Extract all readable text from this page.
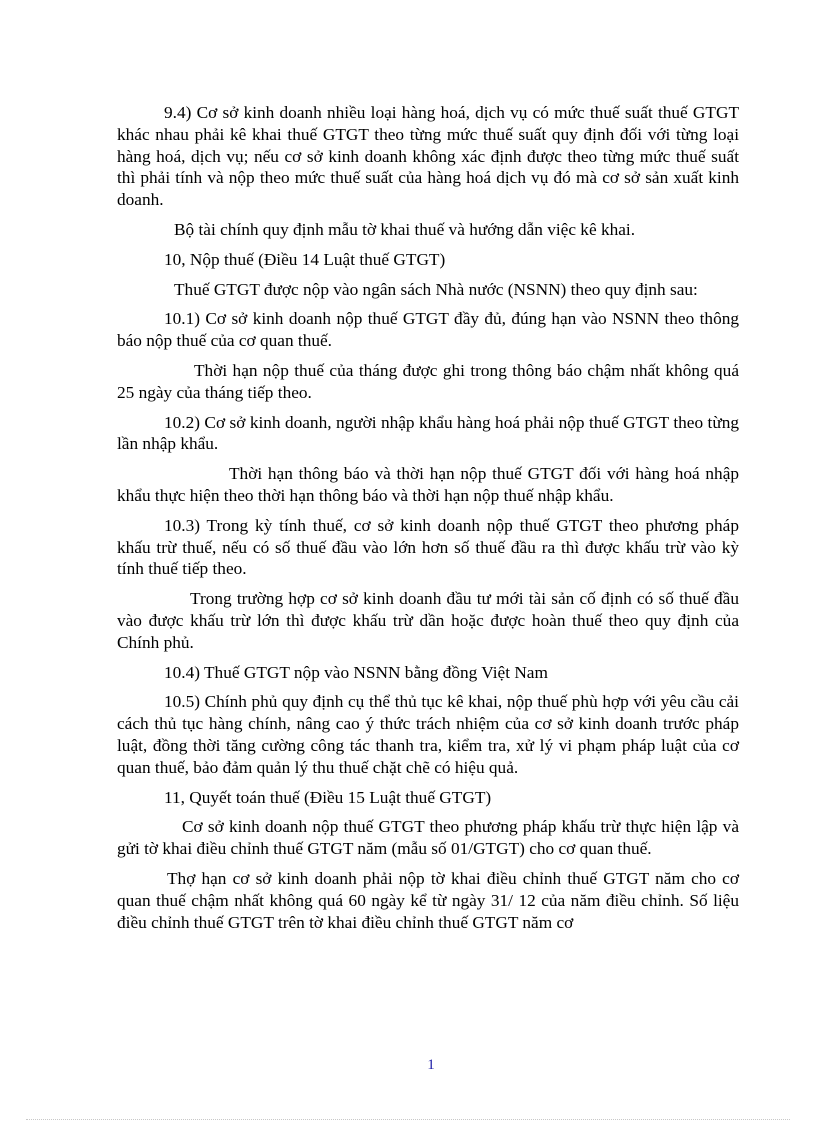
9.4) Cơ sở kinh doanh nhiều loại hàng hoá, dịch vụ có mức thuế suất thuế GTGT khác nhau phải kê khai thuế GTGT theo từng mức thuế suất quy định đối với từng loại hàng hoá, dịch vụ; nếu cơ sở kinh doanh không xác định được theo từng mức thuế suất thì phải tính và nộp theo mức thuế suất của hàng hoá dịch vụ đó mà cơ sở sản xuất kinh doanh.

Bộ tài chính quy định mẫu tờ khai thuế và hướng dẫn việc kê khai.

10, Nộp thuế (Điều 14 Luật thuế GTGT)

Thuế GTGT được nộp vào ngân sách Nhà nước (NSNN) theo quy định sau:

10.1) Cơ sở kinh doanh nộp thuế GTGT đầy đủ, đúng hạn vào NSNN theo thông báo nộp thuế của cơ quan thuế.

Thời hạn nộp thuế của tháng được ghi trong thông báo chậm nhất không quá 25 ngày của tháng tiếp theo.

10.2) Cơ sở kinh doanh, người nhập khẩu hàng hoá phải nộp thuế GTGT theo từng lần nhập khẩu.

Thời hạn thông báo và thời hạn nộp thuế GTGT đối với hàng hoá nhập khẩu thực hiện theo thời hạn thông báo và thời hạn nộp thuế nhập khẩu.

10.3) Trong kỳ tính thuế, cơ sở kinh doanh nộp thuế GTGT theo phương pháp khấu trừ thuế, nếu có số thuế đầu vào lớn hơn số thuế đầu ra thì được khấu trừ vào kỳ tính thuế tiếp theo.

Trong trường hợp cơ sở kinh doanh đầu tư mới tài sản cố định có số thuế đầu vào được khấu trừ lớn thì được khấu trừ dần hoặc được hoàn thuế theo quy định của Chính phủ.

10.4) Thuế GTGT nộp vào NSNN bằng đồng Việt Nam

10.5) Chính phủ quy định cụ thể thủ tục kê khai, nộp thuế phù hợp với yêu cầu cải cách thủ tục hàng chính, nâng cao ý thức trách nhiệm của cơ sở kinh doanh trước pháp luật, đồng thời tăng cường công tác thanh tra, kiểm tra, xử lý vi phạm pháp luật của cơ quan thuế, bảo đảm quản lý thu thuế chặt chẽ có hiệu quả.

11, Quyết toán thuế (Điều 15 Luật thuế GTGT)

Cơ sở kinh doanh nộp thuế GTGT theo phương pháp khấu trừ thực hiện lập và gửi tờ khai điều chỉnh thuế GTGT năm (mẫu số 01/GTGT) cho cơ quan thuế.

Thợ hạn cơ sở kinh doanh phải nộp tờ khai điều chỉnh thuế GTGT năm cho cơ quan thuế chậm nhất không quá 60 ngày kể từ ngày 31/ 12 của năm điều chỉnh. Số liệu điều chỉnh thuế GTGT trên tờ khai điều chỉnh thuế GTGT năm cơ

1
